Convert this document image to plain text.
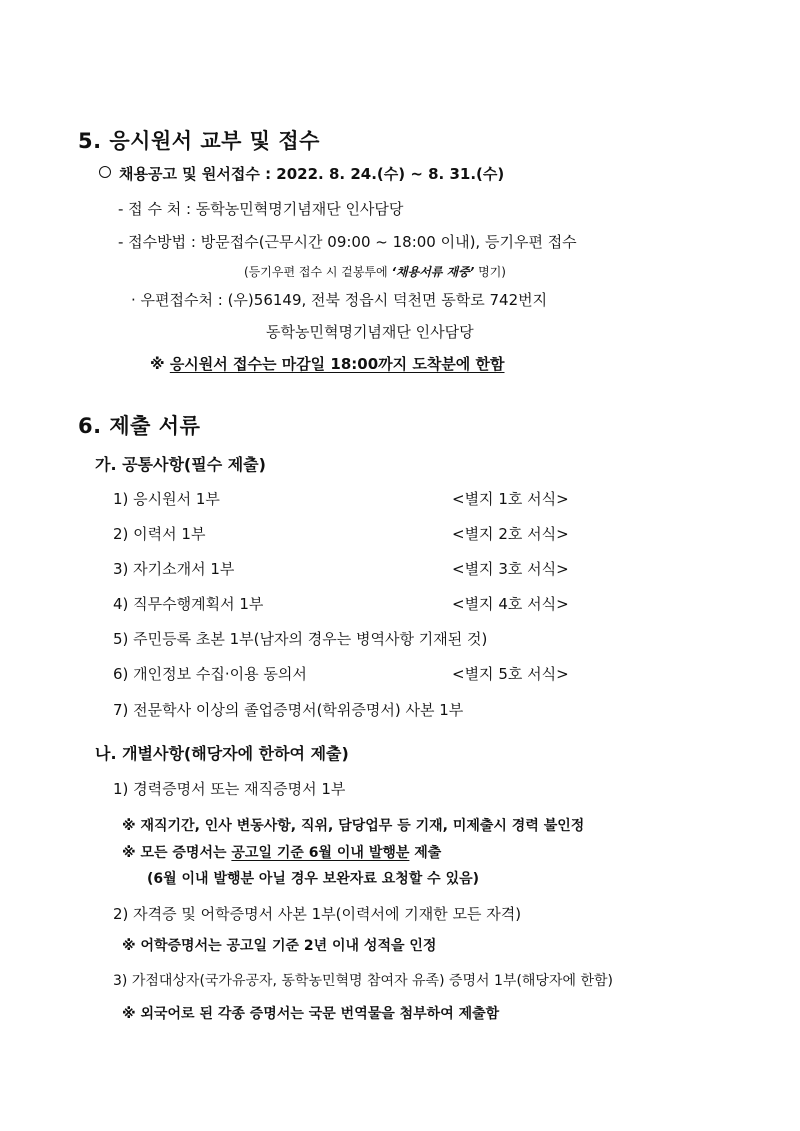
5. 응시원서 교부 및 접수
채용공고 및 원서접수 : 2022. 8. 24.(수) ~ 8. 31.(수)
- 접 수 처 : 동학농민혁명기념재단 인사담당
- 접수방법 : 방문접수(근무시간 09:00 ~ 18:00 이내), 등기우편 접수
(등기우편 접수 시 겉봉투에 ‘채용서류 재중’ 명기)
· 우편접수처 : (우)56149, 전북 정읍시 덕천면 동학로 742번지
동학농민혁명기념재단 인사담당
※ 응시원서 접수는 마감일 18:00까지 도착분에 한함
6. 제출 서류
가. 공통사항(필수 제출)
1) 응시원서 1부	<별지 1호 서식>
2) 이력서 1부	<별지 2호 서식>
3) 자기소개서 1부	<별지 3호 서식>
4) 직무수행계획서 1부	<별지 4호 서식>
5) 주민등록 초본 1부(남자의 경우는 병역사항 기재된 것)
6) 개인정보 수집·이용 동의서	<별지 5호 서식>
7) 전문학사 이상의 졸업증명서(학위증명서) 사본 1부
나. 개별사항(해당자에 한하여 제출)
1) 경력증명서 또는 재직증명서 1부
※ 재직기간, 인사 변동사항, 직위, 담당업무 등 기재, 미제출시 경력 불인정
※ 모든 증명서는 공고일 기준 6월 이내 발행분 제출
(6월 이내 발행분 아닐 경우 보완자료 요청할 수 있음)
2) 자격증 및 어학증명서 사본 1부(이력서에 기재한 모든 자격)
※ 어학증명서는 공고일 기준 2년 이내 성적을 인정
3) 가점대상자(국가유공자, 동학농민혁명 참여자 유족) 증명서 1부(해당자에 한함)
※ 외국어로 된 각종 증명서는 국문 번역물을 첨부하여 제출함
